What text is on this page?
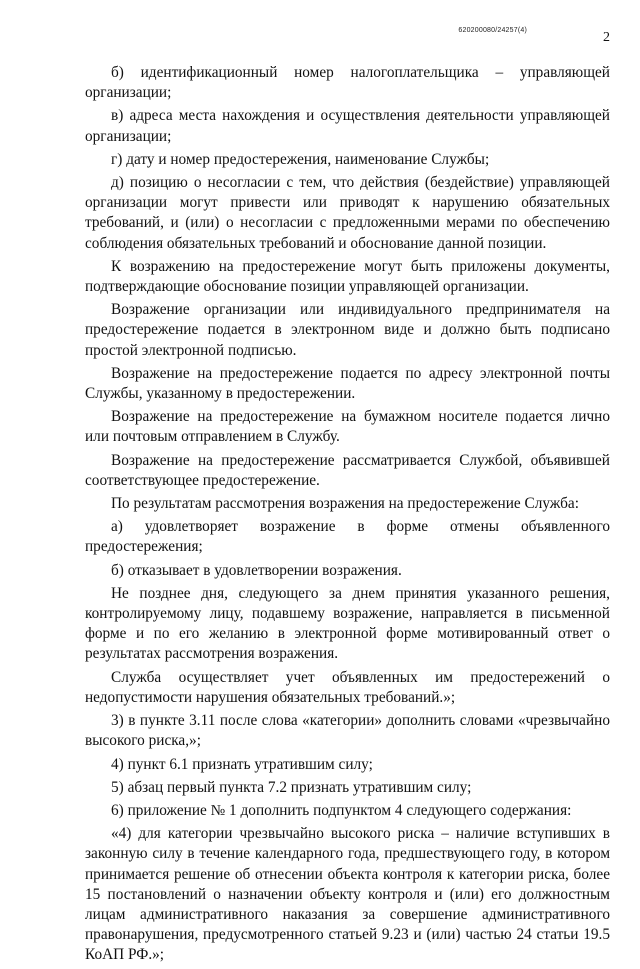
620200080/24257(4)	2

б) идентификационный номер налогоплательщика – управляющей организации;

в) адреса места нахождения и осуществления деятельности управляющей организации;

г) дату и номер предостережения, наименование Службы;

д) позицию о несогласии с тем, что действия (бездействие) управляющей организации могут привести или приводят к нарушению обязательных требований, и (или) о несогласии с предложенными мерами по обеспечению соблюдения обязательных требований и обоснование данной позиции.

К возражению на предостережение могут быть приложены документы, подтверждающие обоснование позиции управляющей организации.

Возражение организации или индивидуального предпринимателя на предостережение подается в электронном виде и должно быть подписано простой электронной подписью.

Возражение на предостережение подается по адресу электронной почты Службы, указанному в предостережении.

Возражение на предостережение на бумажном носителе подается лично или почтовым отправлением в Службу.

Возражение на предостережение рассматривается Службой, объявившей соответствующее предостережение.

По результатам рассмотрения возражения на предостережение Служба:

а) удовлетворяет возражение в форме отмены объявленного предостережения;

б) отказывает в удовлетворении возражения.

Не позднее дня, следующего за днем принятия указанного решения, контролируемому лицу, подавшему возражение, направляется в письменной форме и по его желанию в электронной форме мотивированный ответ о результатах рассмотрения возражения.

Служба осуществляет учет объявленных им предостережений о недопустимости нарушения обязательных требований.»;

3) в пункте 3.11 после слова «категории» дополнить словами «чрезвычайно высокого риска,»;

4) пункт 6.1 признать утратившим силу;

5) абзац первый пункта 7.2 признать утратившим силу;

6) приложение № 1 дополнить подпунктом 4 следующего содержания:

«4) для категории чрезвычайно высокого риска – наличие вступивших в законную силу в течение календарного года, предшествующего году, в котором принимается решение об отнесении объекта контроля к категории риска, более 15 постановлений о назначении объекту контроля и (или) его должностным лицам административного наказания за совершение административного правонарушения, предусмотренного статьей 9.23 и (или) частью 24 статьи 19.5 КоАП РФ.»;
